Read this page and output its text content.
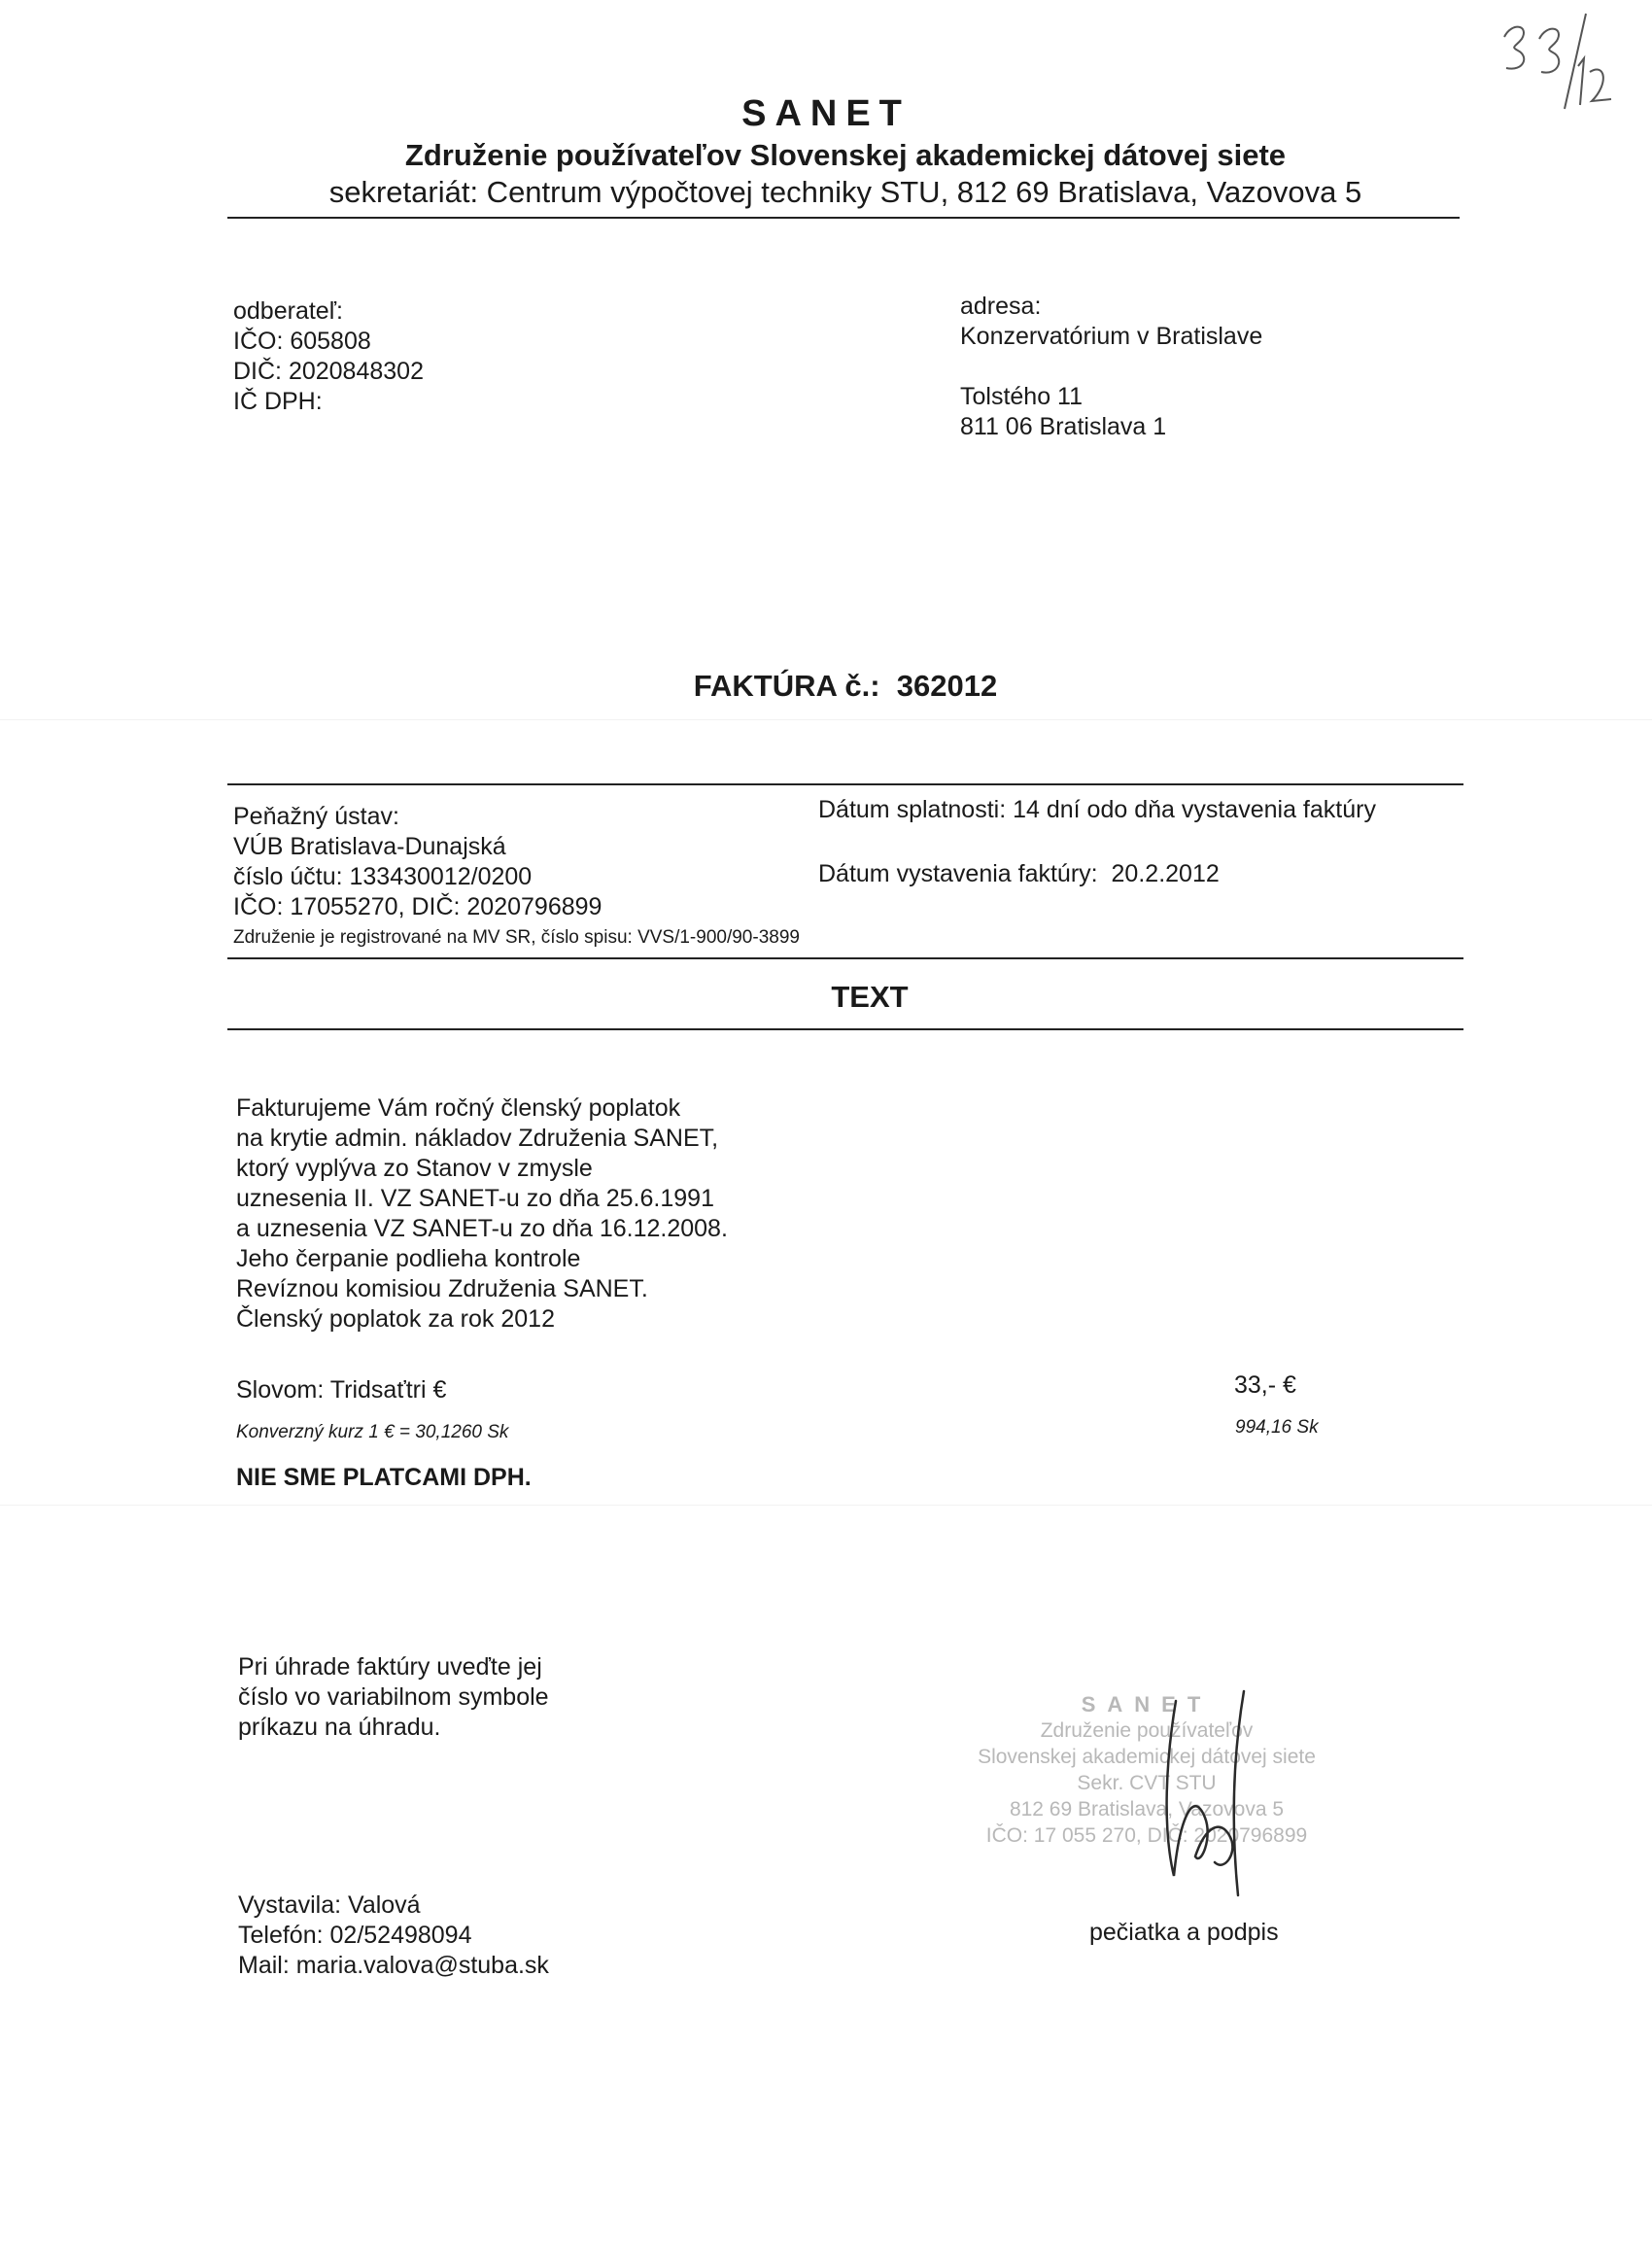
SANET
Združenie používateľov Slovenskej akademickej dátovej siete
sekretariát: Centrum výpočtovej techniky STU, 812 69 Bratislava, Vazovova 5
odberateľ:
IČO: 605808
DIČ: 2020848302
IČ DPH:
adresa:
Konzervatórium v Bratislave
Tolstého 11
811 06 Bratislava 1
FAKTÚRA č.: 362012
Peňažný ústav:
VÚB Bratislava-Dunajská
číslo účtu: 133430012/0200
IČO: 17055270, DIČ: 2020796899
Združenie je registrované na MV SR, číslo spisu: VVS/1-900/90-3899
Dátum splatnosti: 14 dní odo dňa vystavenia faktúry
Dátum vystavenia faktúry: 20.2.2012
TEXT
Fakturujeme Vám ročný členský poplatok
na krytie admin. nákladov Združenia SANET,
ktorý vyplýva zo Stanov v zmysle
uznesenia II. VZ SANET-u zo dňa 25.6.1991
a uznesenia VZ SANET-u zo dňa 16.12.2008.
Jeho čerpanie podlieha kontrole
Revíznou komisiou Združenia SANET.
Členský poplatok za rok 2012
Slovom: Tridsaťtri €	33,- €
Konverzný kurz 1 € = 30,1260 Sk	994,16 Sk
NIE SME PLATCAMI DPH.
Pri úhrade faktúry uveďte jej
číslo vo variabilnom symbole
príkazu na úhradu.
SANET
Združenie používateľov
Slovenskej akademickej dátovej siete
Sekr. CVT STU
812 69 Bratislava, Vazovova 5
IČO: 17 055 270, DIČ: 2020796899
Vystavila: Valová
Telefón: 02/52498094
Mail: maria.valova@stuba.sk
pečiatka a podpis
